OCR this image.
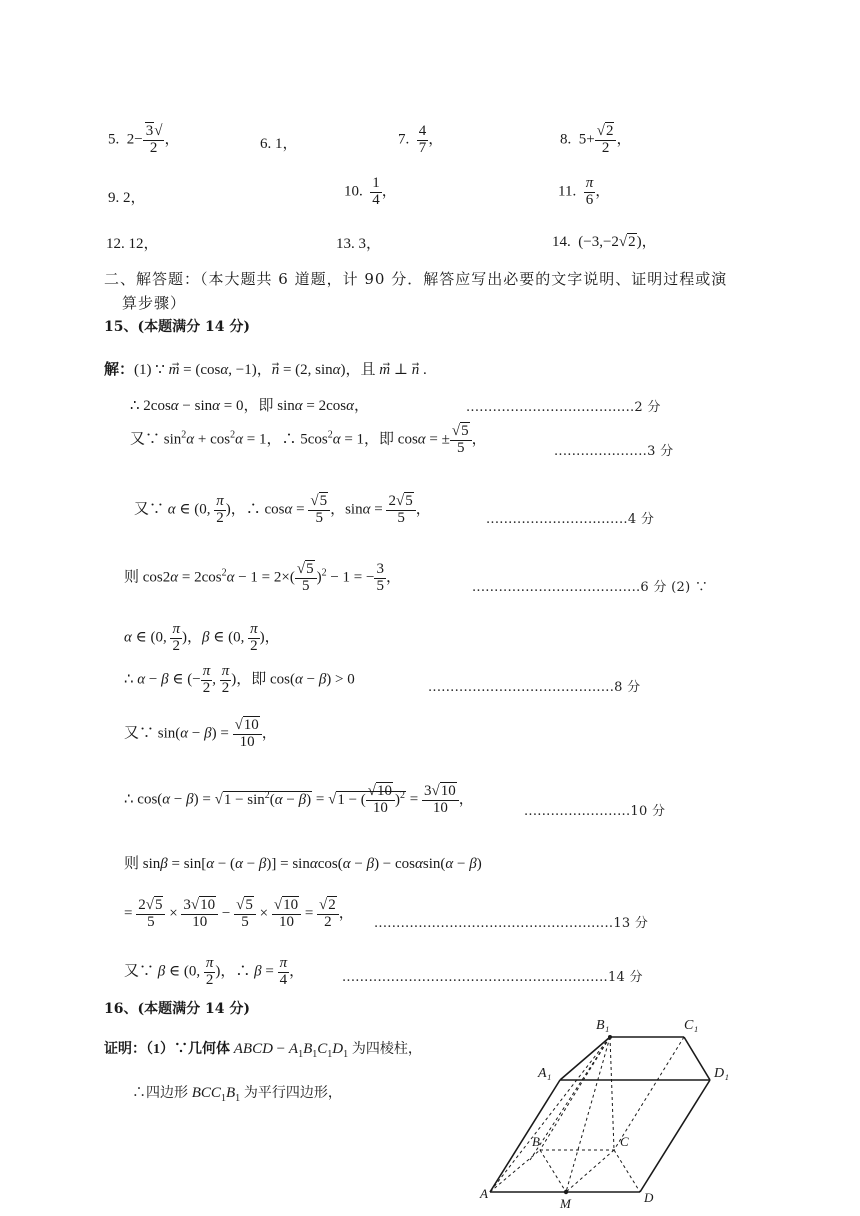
5.  $2- \frac{3√}{2}$ ，	6. 1，	7. $\frac{4}{7}$ ，	8.  $5+ \frac{√2}{2}$ ，
9. 2，	10. $\frac{1}{4}$ ，	11. $\frac{\pi}{6}$ ，
12. 12，	13. 3，	14.  (−3,−2√2)，
二、解答题：（本大题共 6 道题，计 90 分．解答应写出必要的文字说明、证明过程或演
算步骤）
15、(本题满分 14 分)
解：(1) ∵ m⃗ = (cosα, −1)，n⃗ = (2, sinα)，且 m⃗ ⊥ n⃗ .
∴ 2cosα − sinα = 0，即 sinα = 2cosα，	......................................2 分
又∵ $\sin^2\alpha + \cos^2\alpha = 1$，∴ $5\cos^2\alpha = 1$，即 cosα = ± $\frac{√5}{5}$ ，
.....................3 分
又∵ α ∈ (0, $\frac{\pi}{2}$ )，∴ $\cos\alpha = \frac{√5}{5}$ ，$\sin\alpha = \frac{2√5}{5}$ ，
................................4 分
则 $\cos 2\alpha = 2\cos^2\alpha - 1 = 2\times( \frac{√5}{5} )^2 - 1$ = − $\frac{3}{5}$ ，
......................................6 分 (2) ∵
α ∈ (0, $\frac{\pi}{2}$ )，β ∈ (0, $\frac{\pi}{2}$ )，
∴ α − β ∈ (− $\frac{\pi}{2}$ , $\frac{\pi}{2}$ )，即 cos(α − β) > 0	..........................................8 分
又∵ $\sin(\alpha - \beta) = \frac{√10}{10}$ ，
∴ $\cos(\alpha - \beta) = √1 - \sin^2(\alpha - \beta) = √1$ − ( $\frac{√10}{10} )^2 = \frac{3√10}{10}$ ，
........................10 分
则 sinβ = sin[α − (α − β)] = sinαcos(α − β) − cosαsin(α − β)
= $\frac{2√5}{5} \times \frac{3√10}{10} - \frac{√5}{5} \times \frac{√10}{10} = \frac{√2}{2}$ ，
......................................................13 分
又∵ β ∈ (0, $\frac{\pi}{2}$ )，∴ $\beta = \frac{\pi}{4}$ ，	............................................................14 分
16、(本题满分 14 分)
证明：（1）∵几何体 ABCD − $A_1B_1C_1D_1$ 为四棱柱，
∴四边形 $BCC_1B_1$ 为平行四边形，
B₁	C₁
A₁	D₁
B	C
A
M	D
